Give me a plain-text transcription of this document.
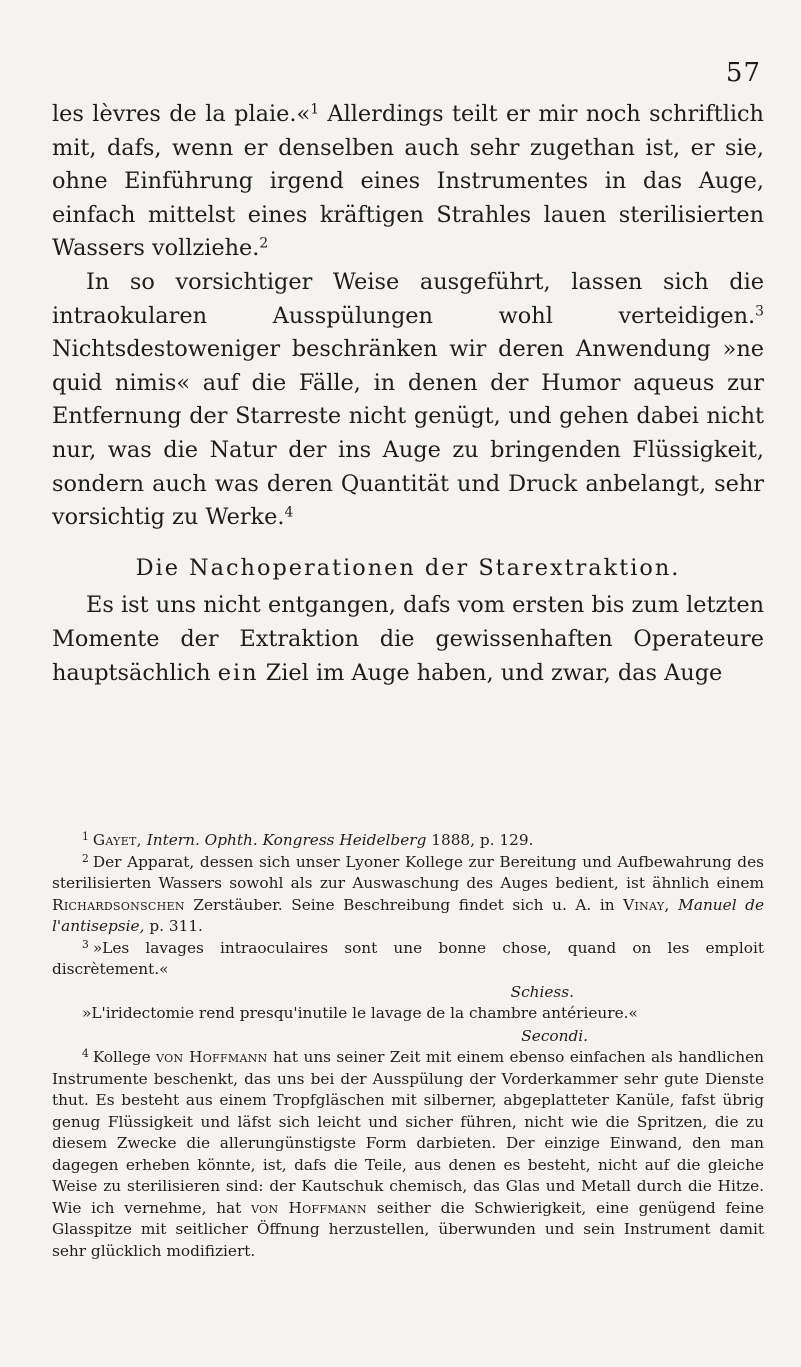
57

les lèvres de la plaie.«$^1$ Allerdings teilt er mir noch schriftlich mit, dafs, wenn er denselben auch sehr zugethan ist, er sie, ohne Einführung irgend eines Instrumentes in das Auge, einfach mittelst eines kräftigen Strahles lauen sterilisierten Wassers vollziehe.$^2$

In so vorsichtiger Weise ausgeführt, lassen sich die intraokularen Ausspülungen wohl verteidigen.$^3$ Nichtsdestoweniger beschränken wir deren Anwendung »ne quid nimis« auf die Fälle, in denen der Humor aqueus zur Entfernung der Starreste nicht genügt, und gehen dabei nicht nur, was die Natur der ins Auge zu bringenden Flüssigkeit, sondern auch was deren Quantität und Druck anbelangt, sehr vorsichtig zu Werke.$^4$

Die Nachoperationen der Starextraktion.

Es ist uns nicht entgangen, dafs vom ersten bis zum letzten Momente der Extraktion die gewissenhaften Operateure hauptsächlich ein Ziel im Auge haben, und zwar, das Auge

$^1$ Gayet, Intern. Ophth. Kongress Heidelberg 1888, p. 129.

$^2$ Der Apparat, dessen sich unser Lyoner Kollege zur Bereitung und Aufbewahrung des sterilisierten Wassers sowohl als zur Auswaschung des Auges bedient, ist ähnlich einem Richardsonschen Zerstäuber. Seine Beschreibung findet sich u. A. in Vinay, Manuel de l'antisepsie, p. 311.

$^3$ »Les lavages intraoculaires sont une bonne chose, quand on les emploit discrètement.«

Schiess.

»L'iridectomie rend presqu'inutile le lavage de la chambre antérieure.«

Secondi.

$^4$ Kollege von Hoffmann hat uns seiner Zeit mit einem ebenso einfachen als handlichen Instrumente beschenkt, das uns bei der Ausspülung der Vorderkammer sehr gute Dienste thut. Es besteht aus einem Tropfgläschen mit silberner, abgeplatteter Kanüle, fafst übrig genug Flüssigkeit und läfst sich leicht und sicher führen, nicht wie die Spritzen, die zu diesem Zwecke die allerungünstigste Form darbieten. Der einzige Einwand, den man dagegen erheben könnte, ist, dafs die Teile, aus denen es besteht, nicht auf die gleiche Weise zu sterilisieren sind: der Kautschuk chemisch, das Glas und Metall durch die Hitze. Wie ich vernehme, hat von Hoffmann seither die Schwierigkeit, eine genügend feine Glasspitze mit seitlicher Öffnung herzustellen, überwunden und sein Instrument damit sehr glücklich modifiziert.
